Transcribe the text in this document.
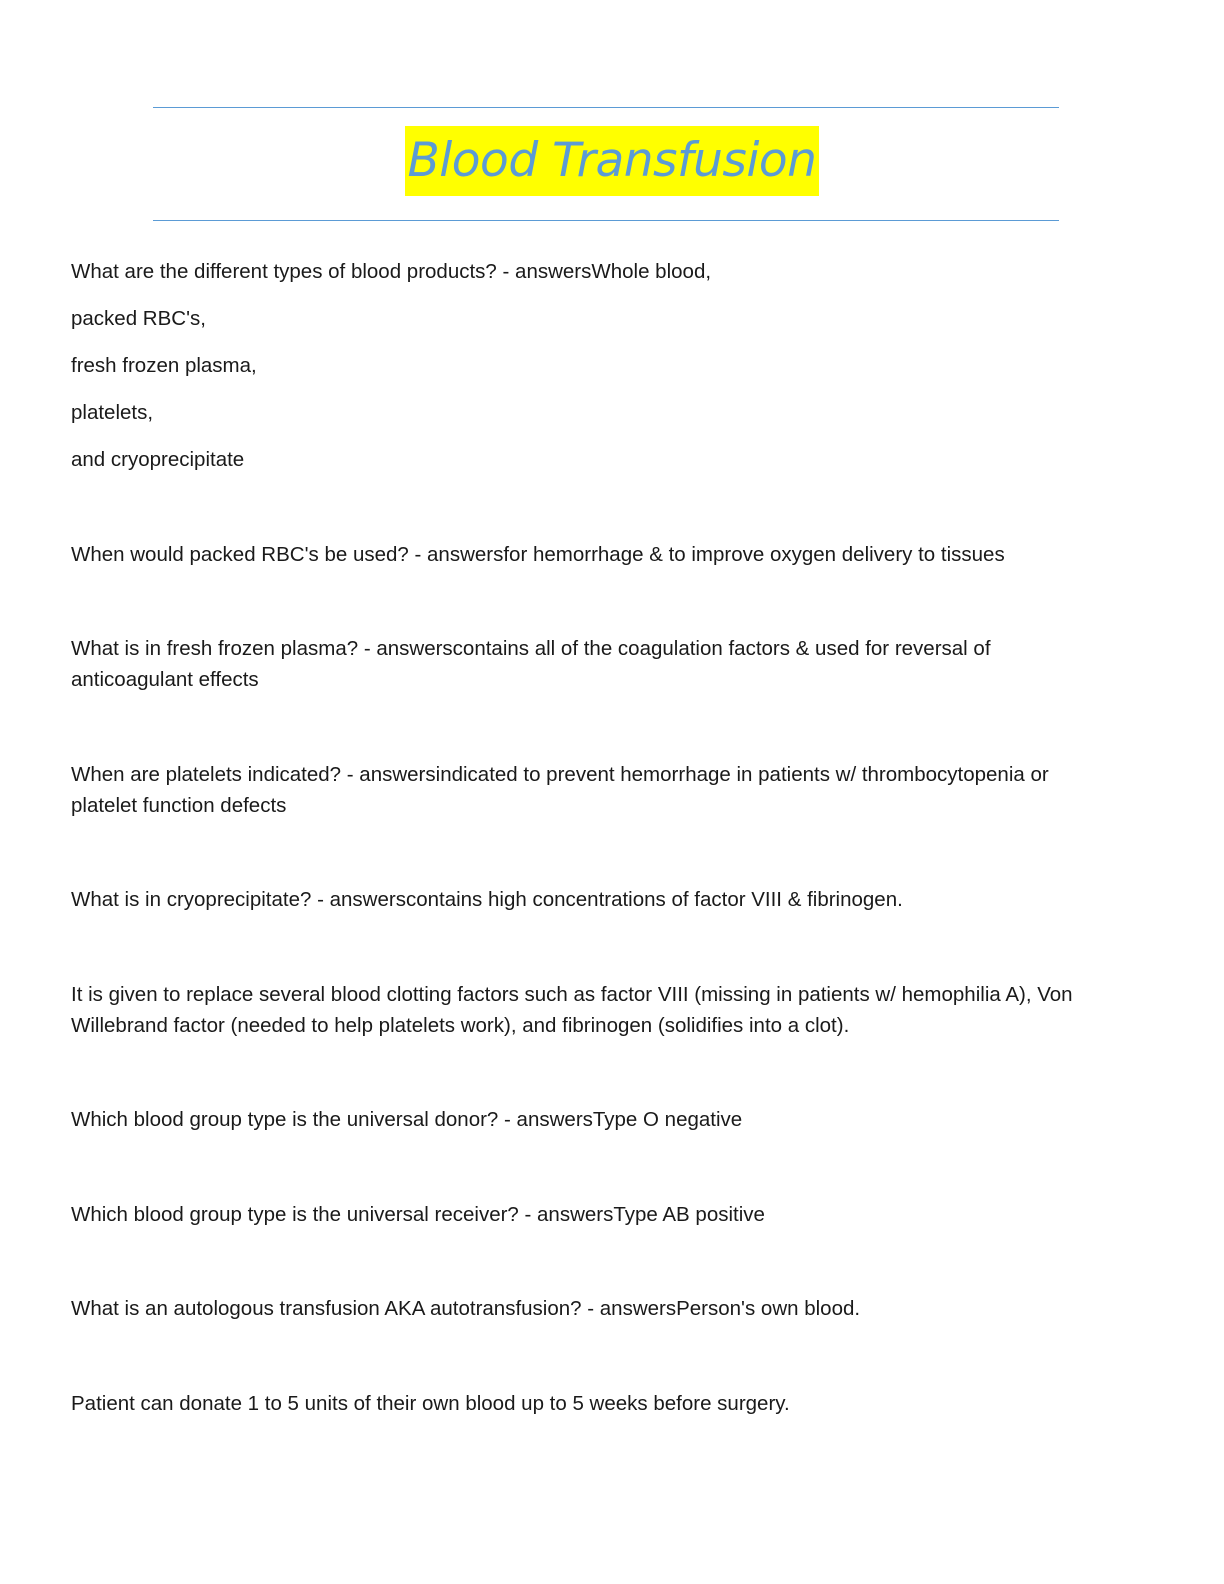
Blood Transfusion

What are the different types of blood products? - answersWhole blood,

packed RBC's,

fresh frozen plasma,

platelets,

and cryoprecipitate

When would packed RBC's be used? - answersfor hemorrhage & to improve oxygen delivery to tissues

What is in fresh frozen plasma? - answerscontains all of the coagulation factors & used for reversal of

anticoagulant effects

When are platelets indicated? - answersindicated to prevent hemorrhage in patients w/ thrombocytopenia or

platelet function defects

What is in cryoprecipitate? - answerscontains high concentrations of factor VIII & fibrinogen.

It is given to replace several blood clotting factors such as factor VIII (missing in patients w/ hemophilia A), Von

Willebrand factor (needed to help platelets work), and fibrinogen (solidifies into a clot).

Which blood group type is the universal donor? - answersType O negative

Which blood group type is the universal receiver? - answersType AB positive

What is an autologous transfusion AKA autotransfusion? - answersPerson's own blood.

Patient can donate 1 to 5 units of their own blood up to 5 weeks before surgery.
